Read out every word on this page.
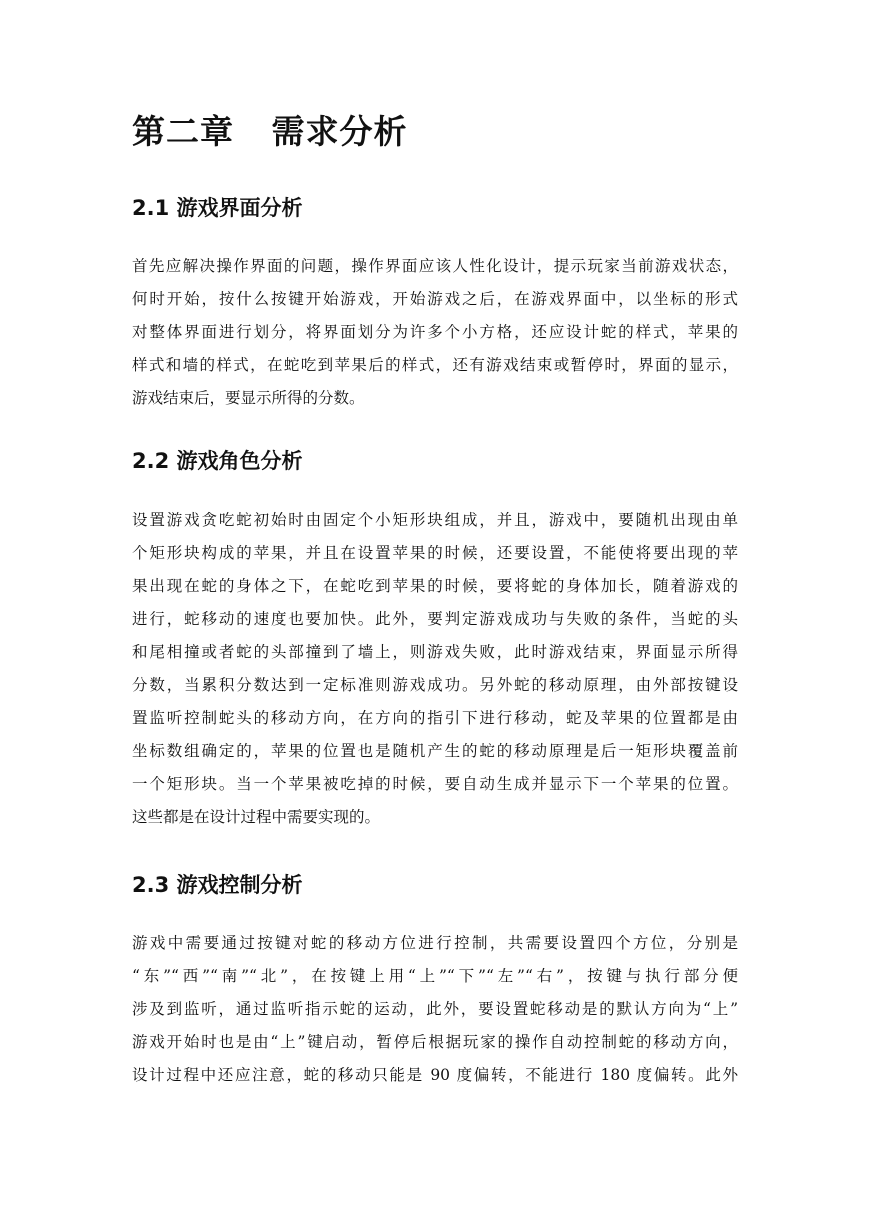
第二章   需求分析
2.1 游戏界面分析
首先应解决操作界面的问题，操作界面应该人性化设计，提示玩家当前游戏状态，
何时开始，按什么按键开始游戏，开始游戏之后，在游戏界面中，以坐标的形式
对整体界面进行划分，将界面划分为许多个小方格，还应设计蛇的样式，苹果的
样式和墙的样式，在蛇吃到苹果后的样式，还有游戏结束或暂停时，界面的显示，
游戏结束后，要显示所得的分数。
2.2 游戏角色分析
设置游戏贪吃蛇初始时由固定个小矩形块组成，并且，游戏中，要随机出现由单
个矩形块构成的苹果，并且在设置苹果的时候，还要设置，不能使将要出现的苹
果出现在蛇的身体之下，在蛇吃到苹果的时候，要将蛇的身体加长，随着游戏的
进行，蛇移动的速度也要加快。此外，要判定游戏成功与失败的条件，当蛇的头
和尾相撞或者蛇的头部撞到了墙上，则游戏失败，此时游戏结束，界面显示所得
分数，当累积分数达到一定标准则游戏成功。另外蛇的移动原理，由外部按键设
置监听控制蛇头的移动方向，在方向的指引下进行移动，蛇及苹果的位置都是由
坐标数组确定的，苹果的位置也是随机产生的蛇的移动原理是后一矩形块覆盖前
一个矩形块。当一个苹果被吃掉的时候，要自动生成并显示下一个苹果的位置。
这些都是在设计过程中需要实现的。
2.3 游戏控制分析
游戏中需要通过按键对蛇的移动方位进行控制，共需要设置四个方位，分别是
“东”“西”“南”“北”，在按键上用“上”“下”“左”“右”，按键与执行部分便
涉及到监听，通过监听指示蛇的运动，此外，要设置蛇移动是的默认方向为“上”
游戏开始时也是由“上”键启动，暂停后根据玩家的操作自动控制蛇的移动方向，
设计过程中还应注意，蛇的移动只能是 90 度偏转，不能进行 180 度偏转。此外
